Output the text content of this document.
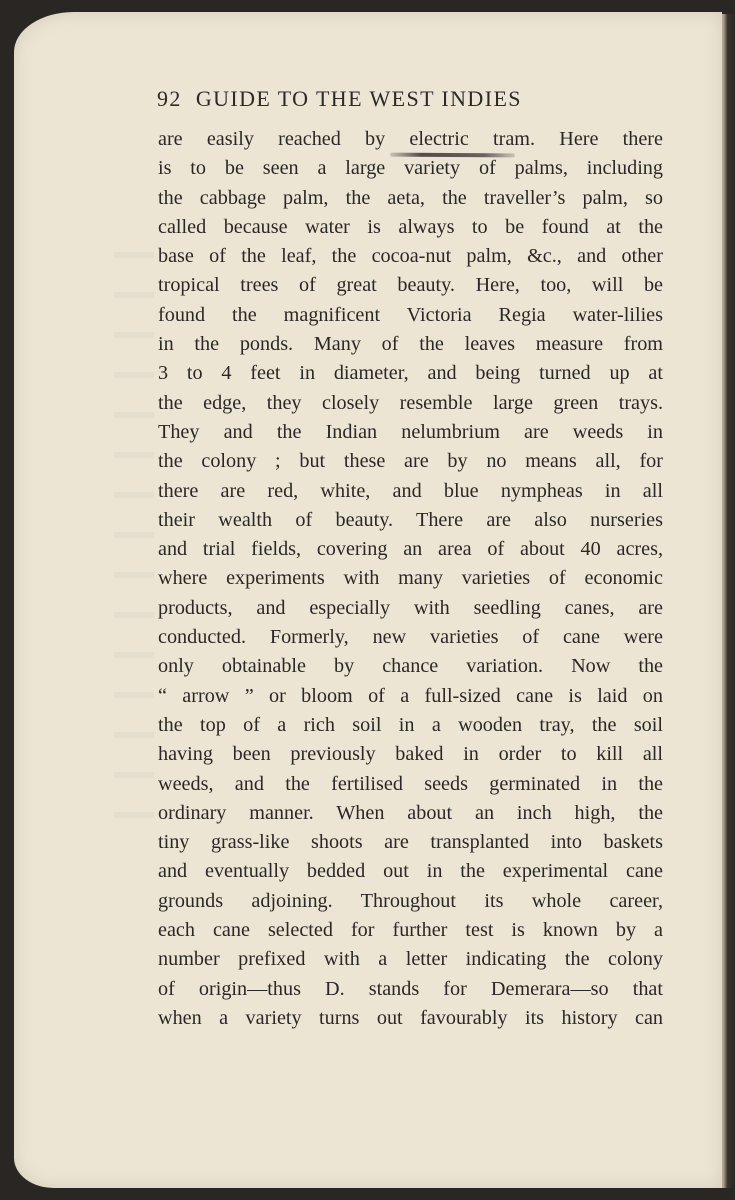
92 GUIDE TO THE WEST INDIES
are easily reached by electric tram. Here there
is to be seen a large variety of palms, including
the cabbage palm, the aeta, the traveller’s palm, so
called because water is always to be found at the
base of the leaf, the cocoa-nut palm, &c., and other
tropical trees of great beauty. Here, too, will be
found the magnificent Victoria Regia water-lilies
in the ponds. Many of the leaves measure from
3 to 4 feet in diameter, and being turned up at
the edge, they closely resemble large green trays.
They and the Indian nelumbrium are weeds in
the colony ; but these are by no means all, for
there are red, white, and blue nympheas in all
their wealth of beauty. There are also nurseries
and trial fields, covering an area of about 40 acres,
where experiments with many varieties of economic
products, and especially with seedling canes, are
conducted. Formerly, new varieties of cane were
only obtainable by chance variation. Now the
“ arrow ” or bloom of a full-sized cane is laid on
the top of a rich soil in a wooden tray, the soil
having been previously baked in order to kill all
weeds, and the fertilised seeds germinated in the
ordinary manner. When about an inch high, the
tiny grass-like shoots are transplanted into baskets
and eventually bedded out in the experimental cane
grounds adjoining. Throughout its whole career,
each cane selected for further test is known by a
number prefixed with a letter indicating the colony
of origin—thus D. stands for Demerara—so that
when a variety turns out favourably its history can
